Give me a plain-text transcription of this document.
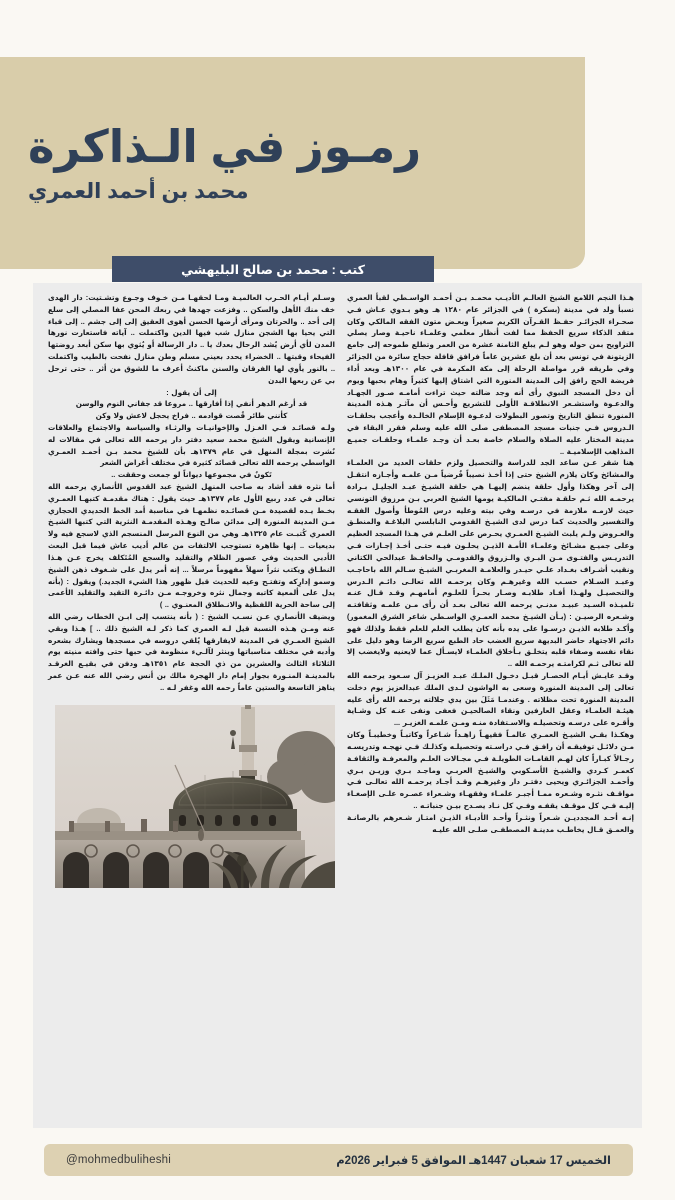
رمـوز في الـذاكرة
محمد بن أحمد العمري
كتب : محمد بن صالح البليهشي

هـذا النجم اللامع الشيخ العالـم الأديـب محمـد بـن أحمـد الواسـطي لقبأ العمري نسبأ ولد في مدينة (بسكرة ) في الجزائر عام ١٢٨٠ هـ وهو بـدوي عـاش فـي صحـراء الجزائـر حفـظ القـرآن الكريم صغيراً وبعـض متون الفقه المالكي وكان متقد الذكاء سريع الحفظ مما لفت أنظار معلمي وعلمـاء ناحيـة وصار يصلي التراويح بمن حوله وهو لـم يبلغ الثامنة عشرة من العمر وتطلع طموحه إلى جامع الزيتونة في تونس بعد أن بلغ عشرين عاماً فرافق قافلة حجاج سائرة من الجزائر وفي طريقه قرر مواصلة الرحلة إلى مكة المكرمة في عام ١٣٠٠هـ وبعد أداء فريضة الحج رافق إلى المدينة المنورة التي اشتاق إليها كثيراً وهام بحبها ويوم أن دخل المسجد النبوي رأى أنه وجد ضالته حيث تراءت أمامـه صـور الجهـاد والدعـوة واستشـعر الانطلاقـة الأولى للتشريع وأحـس أن مآثـر هـذه المدينة المنورة تنطق التاريخ وتصور البطولات لدعـوة الإسلام الخالـدة وأعجب بحلقـات الـدروس فـي جنبات مسجد المصطفى صلى الله عليه وسلم فقرر البقاء في مدينة المختار عليه الصلاة والسلام خاصة بعـد أن وجـد علمـاء وحلقـات جميـع المذاهب الإسلاميـة ..

هنا شقر عـن ساعد الجد للدراسة والتحصيل ولزم حلقات العديد من العلمـاء والمشائخ وكان يلازم الشيخ حتى إذا أخـذ نصيباً فُرضياً مـن علمـه وأجـازه انتقـل إلى آخر وهكذا وأول حلقة ينضم إليهـا هي حلقة الشيـخ عبـد الجليـل بـرادة يرحمـه الله ثـم حلقـة مفتـي المالكيـة يومها الشيخ العربي بـن مرزوق التونسي حيث لازمـه ملازمة في درسـه وفي بيته وعليه درس المُوطأ وأصول الفقـه والتفسير والحديث كما درس لدى الشيـخ القدومي النابلسي البلاغـة والمنطـق والعـروض ولـم يلبث الشيـخ العمـري يحـرص على العلـم في هـذا المسجد العظيم وعلى جميـع مشـائخ وعلمـاء الأمـة الذيـن يحلـون فيـه حتـى أخـذ إجـازات فـي التدريـس والفتـوى مـن البـري والـزروق والقدومـي والحافـظ عبدالحي الكتاني ونقيب أشـراف بغـداد علـي حيـدر والعلامـة المغربـي الشيـخ سـالم الله باحاجـب وعبـد السـلام حسـب الله وغيرهـم وكان يرحمـه الله تعالـى دائـم الـدرس والتحصيـل ولهـذا أفـاد طلابـه وصـار بحـراً للعلـوم أمامهـم وقـد قـال عنـه تلميـذه السـيد عبيـد مدنـي يرحمه الله تعالى بعـد أن رأى مـن علمـه وثقافتـه وشـعره الرصيـن : (بـأن الشيـخ محمد العمـري الواسـطي شاعر الشرق المغمور) وأكـد طلابه الذيـن درسـوا على يده بأنه كان يطلب العلم للعلم فقط ولذلك فهو دائم الاجتهاد حاضر البديهة سريع الغضب حاد الطبع سريع الرضا وهو دليل على نقاء نفسه وصفاء قلبه يتخلـق بـأخلاق العلمـاء لايسـأل عما لايعنيه ولايغضب إلا لله تعالى ثـم لكرامتـه يرحمـه الله ..

وقـد عايـش أيـام الحصـار قبـل دخـول الملـك عبـد العزيـز آل سـعود يرحمه الله تعالى إلى المدينة المنورة وسعى به الواشون لـدى الملك عبدالعزيز يوم دخلت المدينة المنورة تحت مظلاته . وعندمـا مَثَلَ بين يدي جلالته يرحمه الله رأى عليه هيئـة العلمـاء وعقل العارفين ونقاء الصالحيـن فعفى ونفى عنـه كل وشـاية وأقـره على درسـه وتحصيلـه والاسـتفادة منـه ومـن علمـه الغزيـر ...

وهكـذا بقـي الشيـخ العمـري عالمـاً فقيهـاً زاهـداً شـاعراً وكاتبـاً وخطيبـاً وكان مـن دلائـل توفيقـه أن رافـق فـي دراسـته وتحصيلـه وكذلـك فـي نهجـه وتدريسـه رجـالاً كبـاراً كان لهـم القامـات الطويلـة فـي مجـالات العلـم والمعرفـة والثقافـة كعمـر كـردي والشيـخ الأسـكوبي والشيـخ العربـي وماجـد بـري وزيـن بـري وأحمـد الجزائـري ويحيى دفتـر دار وغيرهـم وقـد أجـاد يرحمـه الله تعالـى فـي مواقـف نثـره وشـعره ممـا أجبـر علمـاء وفقهـاء وشـعراء عصـره علـى الإصغـاء إليـه فـي كل موقـف يقفـه وفـي كل نـاد يصـدح بيـن جنباتـه ..

إنـه أحـد المجدديـن شـعراً ونثـراً وأحـد الأدبـاء الذيـن امتـاز شـعرهم بالرصانـة والعمـق قـال يخاطـب مدينـة المصطفـى صلـى الله عليـه

وسـلم أيـام الحـرب العالميـة ومـا لحقهـا مـن خـوف وجـوع وتشـتيت: دار الهدى خف منك الأهل والسكن .. وفزعت جهدها في ربعك المحن عفا المصلي إلى سلع إلى أحد .. والحرتان ومرأى أرضها الحسن أهوى العقيق إلى إلى جشم .. إلى قباء التي يحيا بها الشجن منازل شب فيها الدين واكتملت .. آياته فاستعارت نورها المدن لأي أرض يُشد الرحال بعدك يا .. دار الرسالة أو يُثوي بها سكن أبعد روضتها الفيحاء وقبتها .. الخضراء يحدد بعيني مسلم وطن منازل نفحت بالطيب واكتملت .. بالنور يأوي لها الفرقان والسنن ماكنتُ أعرف ما للشوق من أثر .. حتى ترحل بي عن ربعها البدن

إلى أن يقول :

قد أرغم الدهر أنفي إذا أفارقها .. مروعا قد جفاني النوم والوسن

كأنني طائر قُصت قوادمه .. فراخ يحجل لاعش ولا وكن

ولـه قصائـد فـي الغـزل والإخوانيـات والرثـاء والسياسة والاجتماع والعلاقات الإنسانية ويقول الشيخ محمد سعيد دفتر دار يرحمه الله تعالى في مقالات له نُشرت بمجلة المنهل في عام ١٣٧٩هـ بأن للشيخ محمد بـن أحمـد العمـري الواسطي يرحمه الله تعالى قصائد كثيرة في مختلف أغراض الشعر

تَكونُ في مجموعها ديواناً لو جمعت وحققت ..

أما نثره فقد أشاد به صاحب المنهل الشيخ عبد القدوس الأنصاري يرحمه الله تعالى في عدد ربيع الأول عام ١٣٧٧هـ حيث يقول : هناك مقدمـة كتبهـا العمـري بخـط يـده لقصيدة مـن قصائـده نظمهـا في مناسبة أمد الخط الحديدي الحجازي مـن المدينة المنورة إلى مدائن صالـح وهـذه المقدمـة النثرية التي كتبها الشيـخ العمري كُتبـت عام ١٣٢٥هـ وهي من النوع المرسل المنسجم الذي لاسجع فيه ولا بديعيات .. إنها ظاهرة تستوجب الالتفات من عالم أديب عاش فيما قبل البعث الأدبي الحديث وفي عصور الظلام والتقليد والسجع المُتَكلف يخرج عـن هـذا النطـاق ويكتب نثراً سهلاً مفهوماً مرسلاً ... إنه أمر يدل على شـغوف ذهن الشيخ وسمو إدارِكه وتفتـح وعيه للحديث قبل ظهور هذا الشيء الجديد.) ويقول : (بأنه يدل على ألمعية كاتبه وجمال نثره وخروجـه مـن دائـرة التقيد والتقليد الأعمى إلى ساحة الحرية اللفظية والانـطلاق المعنـوي .. )

ويضيف الأنصاري عـن نسـب الشيخ : ( بأنه ينتسب إلى ابـن الخطاب رضي الله عنه ومـن هـذه النسبة قيل لـه العمري كما ذكر لـه الشيخ ذلك .. ] هـذا وبقي الشيخ العمـري في المدينة لايفارقها يُلقي دروسه في مسجدها ويشارك بشعره وأدبه في مختلف مناسباتها وينثر لآلـيء منظومة في حبها حتى وافته منيته يوم الثلاثاء الثالث والعشرين من ذي الحجة عام ١٣٥١هـ ودفن في بقيـع الغرقـد بالمدينـة المنـورة بجوار إمام دار الهجرة مالك بن أنس رضي الله عنه عـن عمر يناهز التاسعة والستين عاماً رحمه الله وغفر لـه ..

@mohmedbuliheshi	الخميس 17 شعبان 1447هـ الموافق 5 فبراير 2026م
